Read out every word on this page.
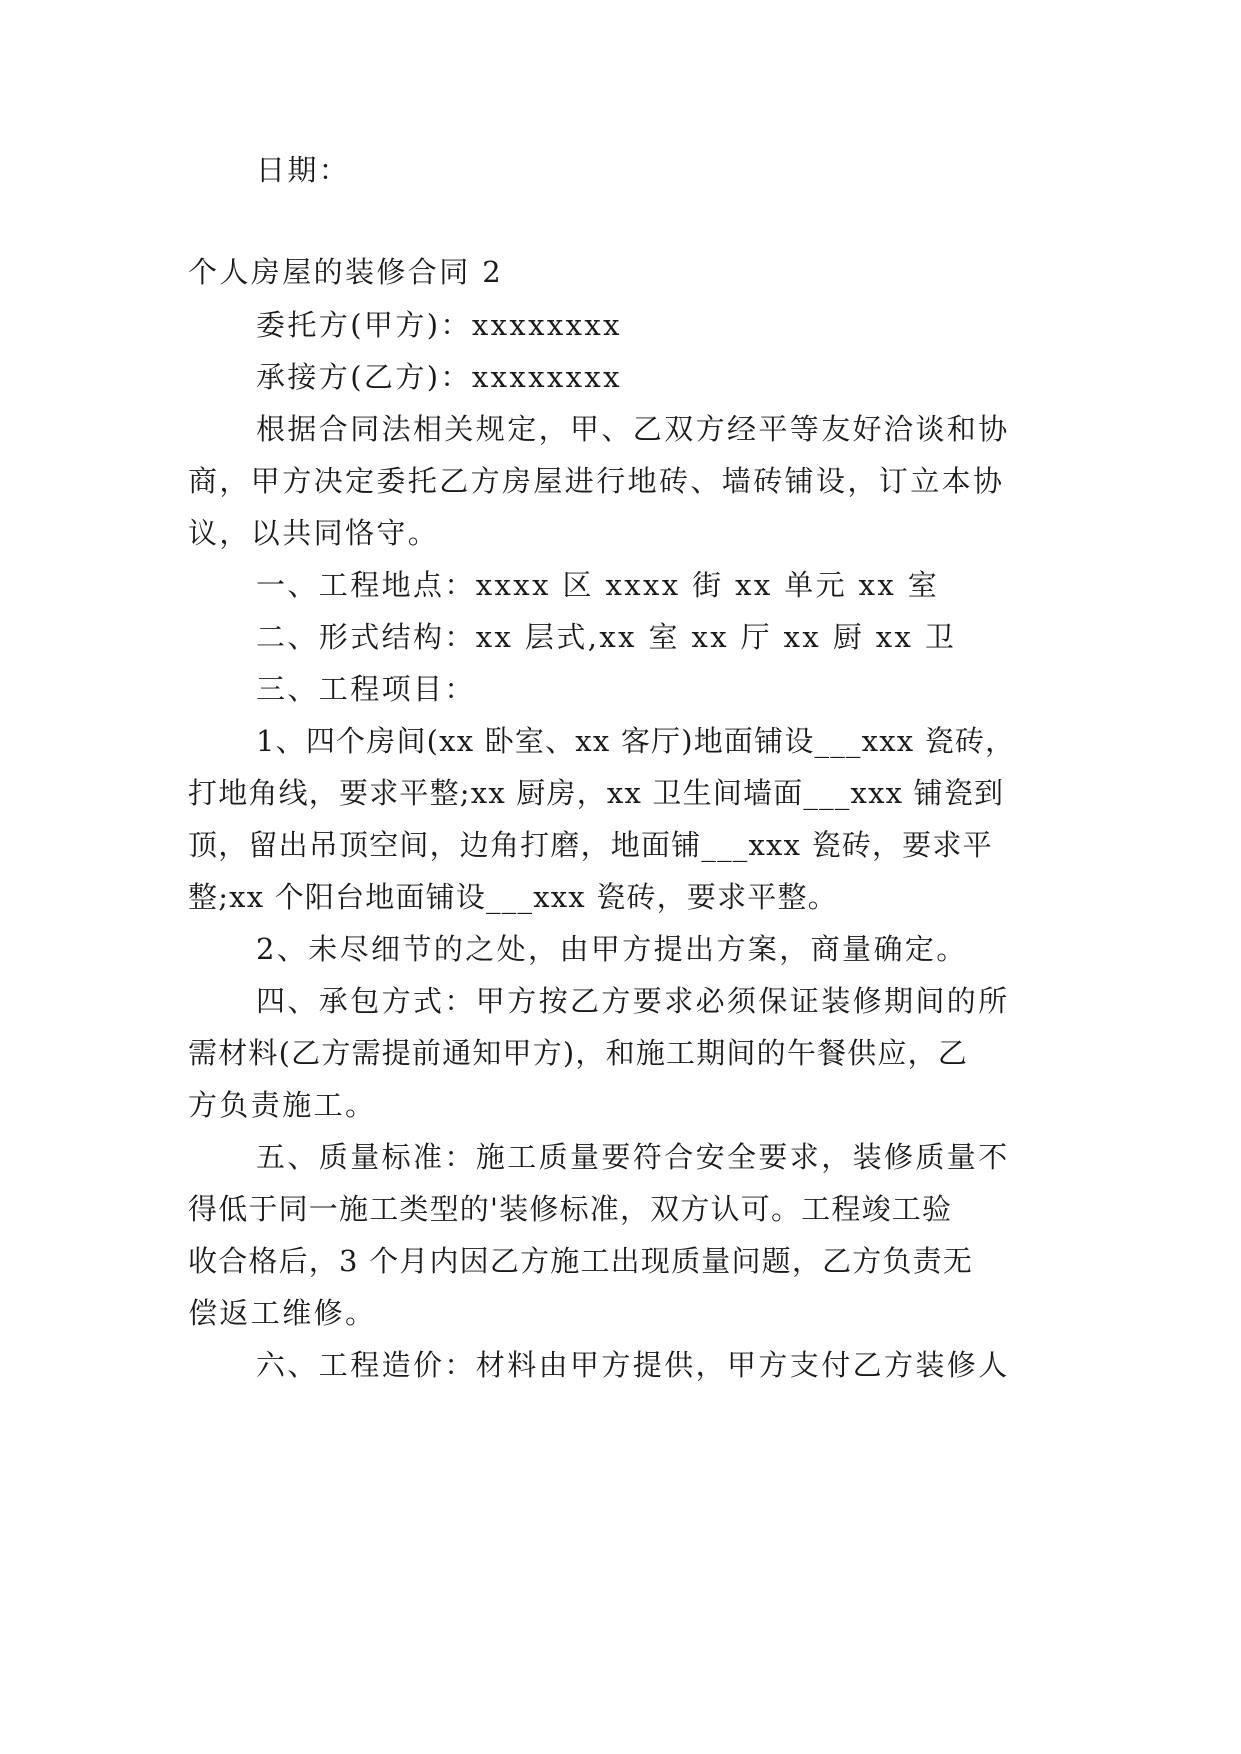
日期：
个人房屋的装修合同 2
委托方(甲方)：xxxxxxxx
承接方(乙方)：xxxxxxxx
根据合同法相关规定，甲、乙双方经平等友好洽谈和协
商，甲方决定委托乙方房屋进行地砖、墙砖铺设，订立本协
议，以共同恪守。
一、工程地点：xxxx 区 xxxx 街 xx 单元 xx 室
二、形式结构：xx 层式,xx 室 xx 厅 xx 厨 xx 卫
三、工程项目：
1、四个房间(xx 卧室、xx 客厅)地面铺设___xxx 瓷砖，
打地角线，要求平整;xx 厨房，xx 卫生间墙面___xxx 铺瓷到
顶，留出吊顶空间，边角打磨，地面铺___xxx 瓷砖，要求平
整;xx 个阳台地面铺设___xxx 瓷砖，要求平整。
2、未尽细节的之处，由甲方提出方案，商量确定。
四、承包方式：甲方按乙方要求必须保证装修期间的所
需材料(乙方需提前通知甲方)，和施工期间的午餐供应，乙
方负责施工。
五、质量标准：施工质量要符合安全要求，装修质量不
得低于同一施工类型的'装修标准，双方认可。工程竣工验
收合格后，3 个月内因乙方施工出现质量问题，乙方负责无
偿返工维修。
六、工程造价：材料由甲方提供，甲方支付乙方装修人
